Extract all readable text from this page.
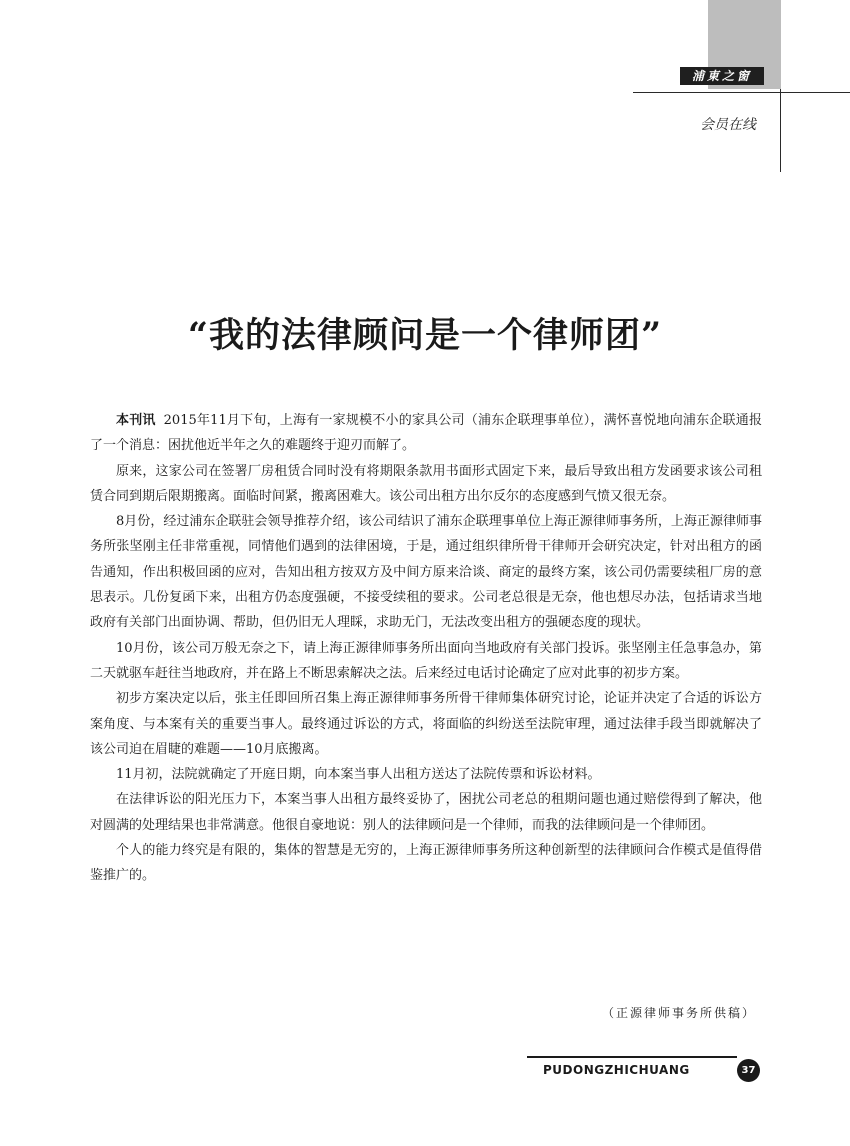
浦東之窗
会员在线
“我的法律顾问是一个律师团”

本刊讯 2015年11月下旬，上海有一家规模不小的家具公司（浦东企联理事单位），满怀喜悦地向浦东企联通报了一个消息：困扰他近半年之久的难题终于迎刃而解了。

原来，这家公司在签署厂房租赁合同时没有将期限条款用书面形式固定下来，最后导致出租方发函要求该公司租赁合同到期后限期搬离。面临时间紧，搬离困难大。该公司出租方出尔反尔的态度感到气愤又很无奈。

8月份，经过浦东企联驻会领导推荐介绍，该公司结识了浦东企联理事单位上海正源律师事务所，上海正源律师事务所张坚刚主任非常重视，同情他们遇到的法律困境，于是，通过组织律所骨干律师开会研究决定，针对出租方的函告通知，作出积极回函的应对，告知出租方按双方及中间方原来洽谈、商定的最终方案，该公司仍需要续租厂房的意思表示。几份复函下来，出租方仍态度强硬，不接受续租的要求。公司老总很是无奈，他也想尽办法，包括请求当地政府有关部门出面协调、帮助，但仍旧无人理睬，求助无门，无法改变出租方的强硬态度的现状。

10月份，该公司万般无奈之下，请上海正源律师事务所出面向当地政府有关部门投诉。张坚刚主任急事急办，第二天就驱车赶往当地政府，并在路上不断思索解决之法。后来经过电话讨论确定了应对此事的初步方案。

初步方案决定以后，张主任即回所召集上海正源律师事务所骨干律师集体研究讨论，论证并决定了合适的诉讼方案角度、与本案有关的重要当事人。最终通过诉讼的方式，将面临的纠纷送至法院审理，通过法律手段当即就解决了该公司迫在眉睫的难题——10月底搬离。

11月初，法院就确定了开庭日期，向本案当事人出租方送达了法院传票和诉讼材料。

在法律诉讼的阳光压力下，本案当事人出租方最终妥协了，困扰公司老总的租期问题也通过赔偿得到了解决，他对圆满的处理结果也非常满意。他很自豪地说：别人的法律顾问是一个律师，而我的法律顾问是一个律师团。

个人的能力终究是有限的，集体的智慧是无穷的，上海正源律师事务所这种创新型的法律顾问合作模式是值得借鉴推广的。

（正源律师事务所供稿）
PUDONGZHICHUANG	37
